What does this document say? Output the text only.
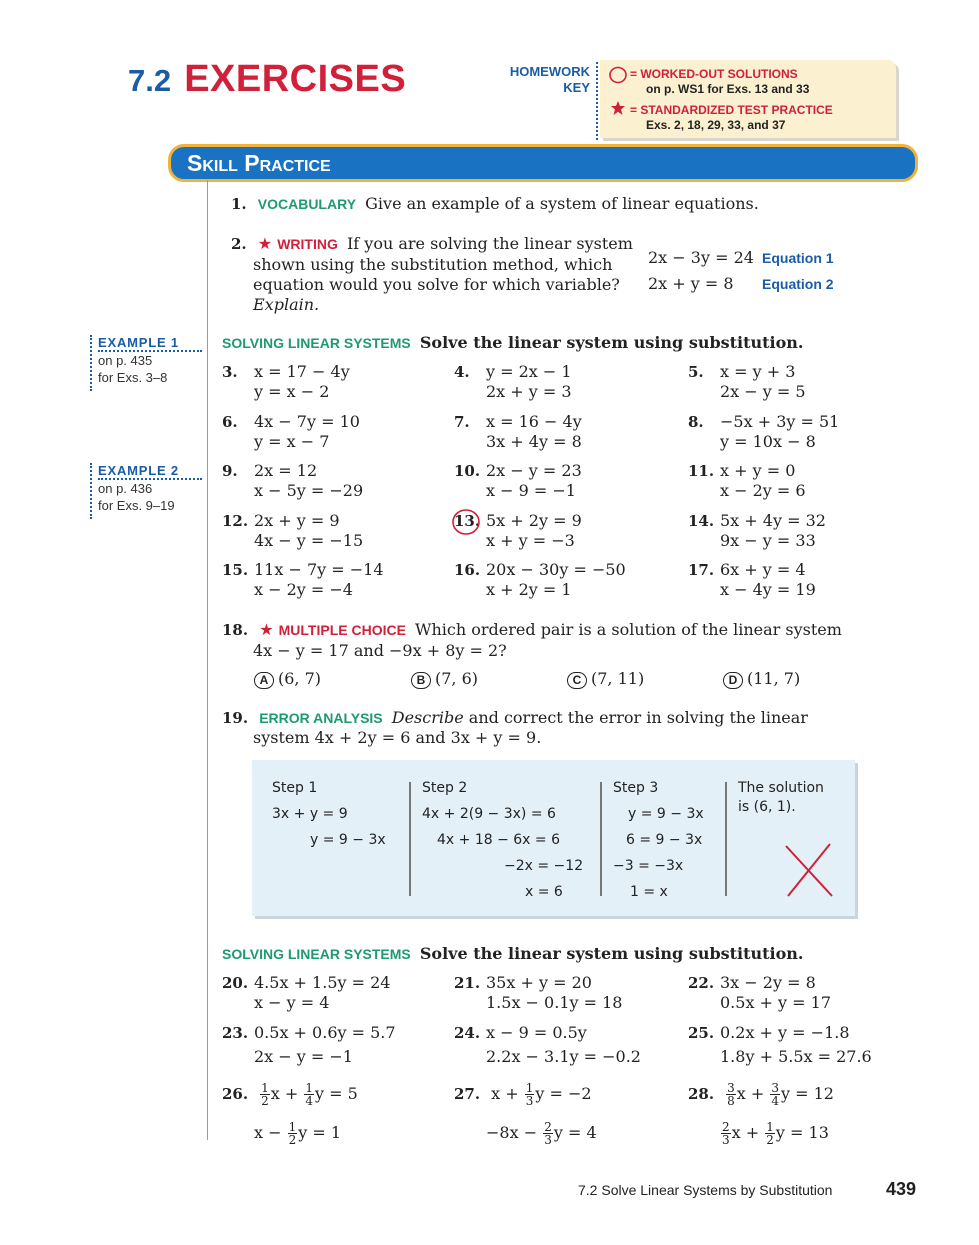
7.2 EXERCISES	HOMEWORK
KEY
= WORKED-OUT SOLUTIONS
on p. WS1 for Exs. 13 and 33
= STANDARDIZED TEST PRACTICE
Exs. 2, 18, 29, 33, and 37
Skill Practice
EXAMPLE 1
on p. 435
for Exs. 3–8
EXAMPLE 2
on p. 436
for Exs. 9–19
1. VOCABULARY Give an example of a system of linear equations.
2. ★ WRITING If you are solving the linear system
shown using the substitution method, which
equation would you solve for which variable?
Explain.
2x − 3y = 24 Equation 1
2x + y = 8 Equation 2
SOLVING LINEAR SYSTEMS Solve the linear system using substitution.
3. x = 17 − 4y
y = x − 2
4. y = 2x − 1
2x + y = 3
5. x = y + 3
2x − y = 5
6. 4x − 7y = 10
y = x − 7
7. x = 16 − 4y
3x + 4y = 8
8. −5x + 3y = 51
y = 10x − 8
9. 2x = 12
x − 5y = −29
10. 2x − y = 23
x − 9 = −1
11. x + y = 0
x − 2y = 6
12. 2x + y = 9
4x − y = −15
13. 5x + 2y = 9
x + y = −3
14. 5x + 4y = 32
9x − y = 33
15. 11x − 7y = −14
x − 2y = −4
16. 20x − 30y = −50
x + 2y = 1
17. 6x + y = 4
x − 4y = 19
18. ★ MULTIPLE CHOICE Which ordered pair is a solution of the linear system
4x − y = 17 and −9x + 8y = 2?
A (6, 7)	B (7, 6)	C (7, 11)	D (11, 7)
19. ERROR ANALYSIS Describe and correct the error in solving the linear
system 4x + 2y = 6 and 3x + y = 9.
Step 1
3x + y = 9
y = 9 − 3x
Step 2
4x + 2(9 − 3x) = 6
4x + 18 − 6x = 6
−2x = −12
x = 6
Step 3
y = 9 − 3x
6 = 9 − 3x
−3 = −3x
1 = x
The solution
is (6, 1).
SOLVING LINEAR SYSTEMS Solve the linear system using substitution.
20. 4.5x + 1.5y = 24
x − y = 4
21. 35x + y = 20
1.5x − 0.1y = 18
22. 3x − 2y = 8
0.5x + y = 17
23. 0.5x + 0.6y = 5.7
2x − y = −1
24. x − 9 = 0.5y
2.2x − 3.1y = −0.2
25. 0.2x + y = −1.8
1.8y + 5.5x = 27.6
26. $\frac{1}{2}$ $x + \frac{1}{4}$ y = 5
$x - \frac{1}{2}$ y = 1
27. $x + \frac{1}{3}$ y = −2
$-8x - \frac{2}{3}$ y = 4
28. $\frac{3}{8}$ $x + \frac{3}{4}$ y = 12
$\frac{2}{3}$ $x + \frac{1}{2}$ y = 13
7.2 Solve Linear Systems by Substitution	439
